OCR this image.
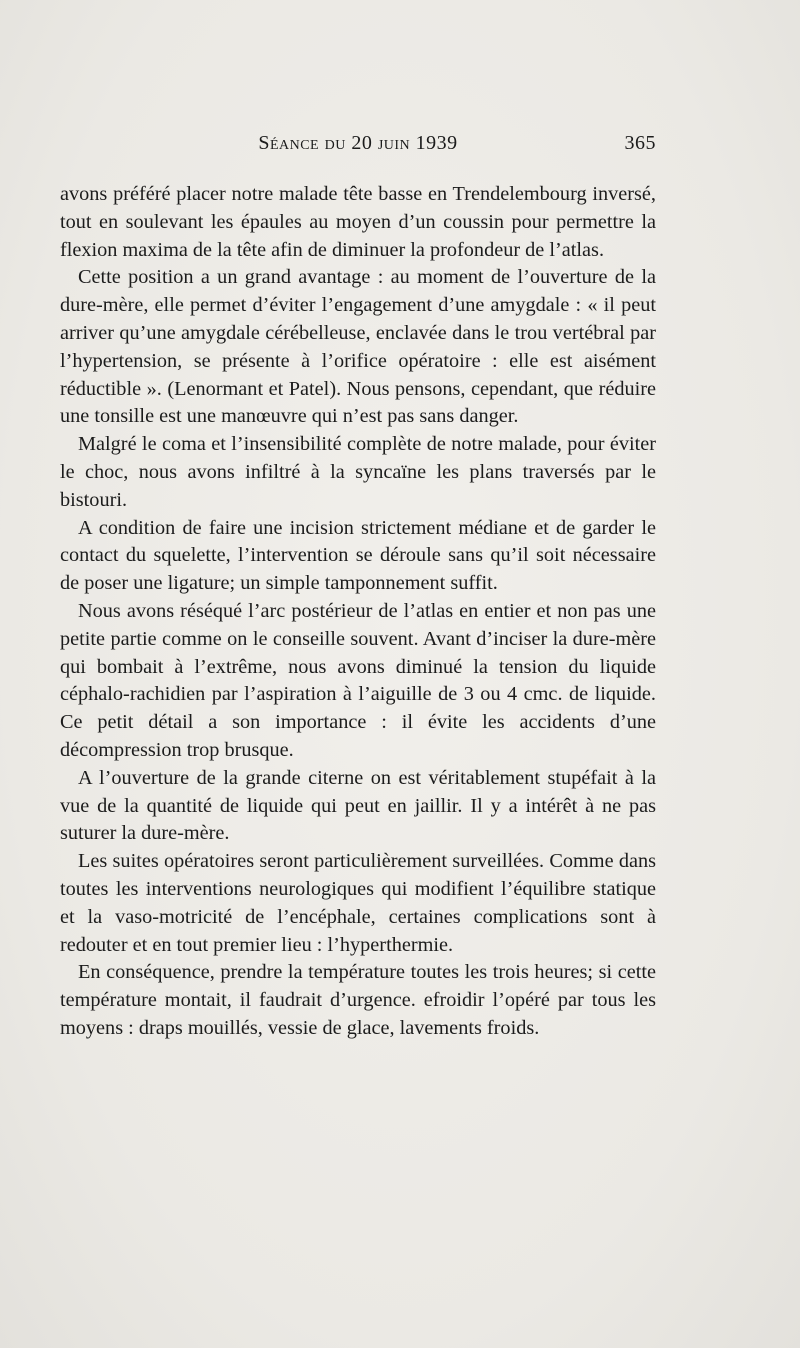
Séance du 20 juin 1939	365

avons préféré placer notre malade tête basse en Trendelembourg inversé, tout en soulevant les épaules au moyen d’un coussin pour permettre la flexion maxima de la tête afin de diminuer la profondeur de l’atlas.

Cette position a un grand avantage : au moment de l’ouverture de la dure-mère, elle permet d’éviter l’engagement d’une amygdale : « il peut arriver qu’une amygdale cérébelleuse, enclavée dans le trou vertébral par l’hypertension, se présente à l’orifice opératoire : elle est aisément réductible ». (Lenormant et Patel). Nous pensons, cependant, que réduire une tonsille est une manœuvre qui n’est pas sans danger.

Malgré le coma et l’insensibilité complète de notre malade, pour éviter le choc, nous avons infiltré à la syncaïne les plans traversés par le bistouri.

A condition de faire une incision strictement médiane et de garder le contact du squelette, l’intervention se déroule sans qu’il soit nécessaire de poser une ligature; un simple tamponnement suffit.

Nous avons réséqué l’arc postérieur de l’atlas en entier et non pas une petite partie comme on le conseille souvent. Avant d’inciser la dure-mère qui bombait à l’extrême, nous avons diminué la tension du liquide céphalo-rachidien par l’aspiration à l’aiguille de 3 ou 4 cmc. de liquide. Ce petit détail a son importance : il évite les accidents d’une décompression trop brusque.

A l’ouverture de la grande citerne on est véritablement stupéfait à la vue de la quantité de liquide qui peut en jaillir. Il y a intérêt à ne pas suturer la dure-mère.

Les suites opératoires seront particulièrement surveillées. Comme dans toutes les interventions neurologiques qui modifient l’équilibre statique et la vaso-motricité de l’encéphale, certaines complications sont à redouter et en tout premier lieu : l’hyperthermie.

En conséquence, prendre la température toutes les trois heures; si cette température montait, il faudrait d’urgence. efroidir l’opéré par tous les moyens : draps mouillés, vessie de glace, lavements froids.
